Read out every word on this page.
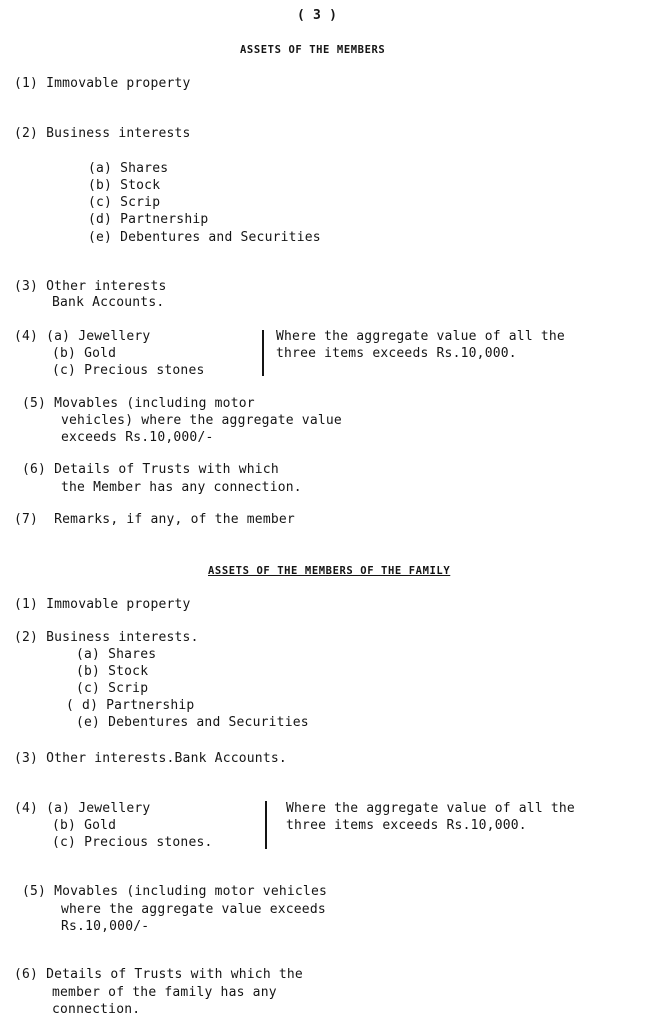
( 3 )
ASSETS OF THE MEMBERS
(1) Immovable property
(2) Business interests
(a) Shares
(b) Stock
(c) Scrip
(d) Partnership
(e) Debentures and Securities
(3) Other interests
Bank Accounts.
(4) (a) Jewellery
(b) Gold
(c) Precious stones
Where the aggregate value of all the
three items exceeds Rs.10,000.
(5) Movables (including motor
vehicles) where the aggregate value
exceeds Rs.10,000/-
(6) Details of Trusts with which
the Member has any connection.
(7)  Remarks, if any, of the member
ASSETS OF THE MEMBERS OF THE FAMILY
(1) Immovable property
(2) Business interests.
(a) Shares
(b) Stock
(c) Scrip
( d) Partnership
(e) Debentures and Securities
(3) Other interests.Bank Accounts.
(4) (a) Jewellery
(b) Gold
(c) Precious stones.
Where the aggregate value of all the
three items exceeds Rs.10,000.
(5) Movables (including motor vehicles
where the aggregate value exceeds
Rs.10,000/-
(6) Details of Trusts with which the
member of the family has any
connection.
